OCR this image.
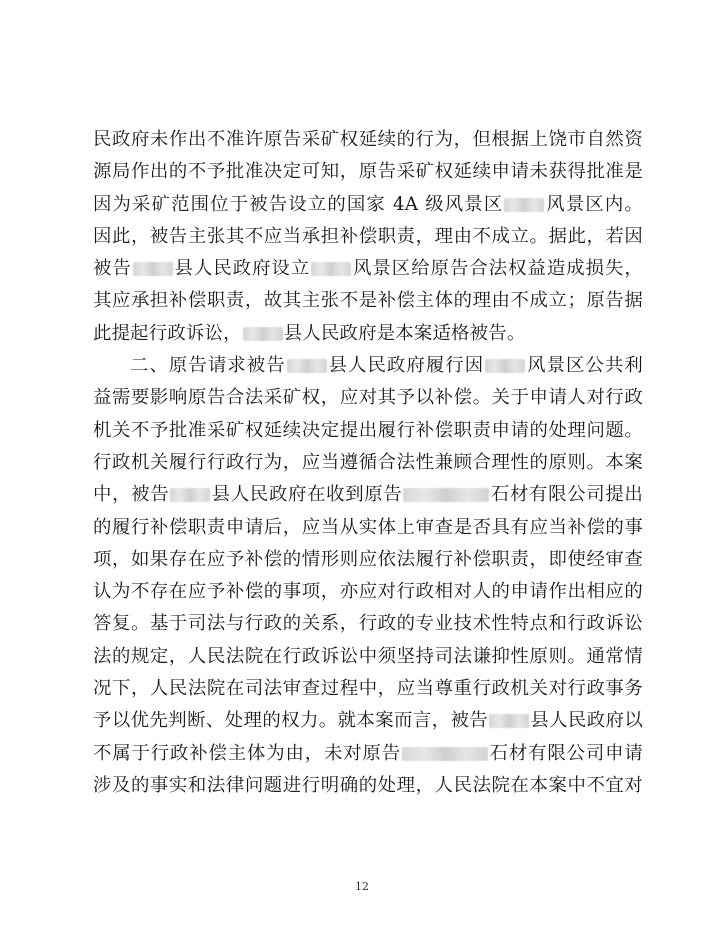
民政府未作出不准许原告采矿权延续的行为，但根据上饶市自然资
源局作出的不予批准决定可知，原告采矿权延续申请未获得批准是
因为采矿范围位于被告设立的国家 4A 级风景区 风景区内。
因此，被告主张其不应当承担补偿职责，理由不成立。据此，若因
被告 县人民政府设立 风景区给原告合法权益造成损失，
其应承担补偿职责，故其主张不是补偿主体的理由不成立；原告据
此提起行政诉讼， 县人民政府是本案适格被告。
二、原告请求被告 县人民政府履行因 风景区公共利
益需要影响原告合法采矿权，应对其予以补偿。关于申请人对行政
机关不予批准采矿权延续决定提出履行补偿职责申请的处理问题。
行政机关履行行政行为，应当遵循合法性兼顾合理性的原则。本案
中，被告 县人民政府在收到原告	石材有限公司提出
的履行补偿职责申请后，应当从实体上审查是否具有应当补偿的事
项，如果存在应予补偿的情形则应依法履行补偿职责，即使经审查
认为不存在应予补偿的事项，亦应对行政相对人的申请作出相应的
答复。基于司法与行政的关系，行政的专业技术性特点和行政诉讼
法的规定，人民法院在行政诉讼中须坚持司法谦抑性原则。通常情
况下，人民法院在司法审查过程中，应当尊重行政机关对行政事务
予以优先判断、处理的权力。就本案而言，被告 县人民政府以
不属于行政补偿主体为由，未对原告	石材有限公司申请
涉及的事实和法律问题进行明确的处理，人民法院在本案中不宜对
12
